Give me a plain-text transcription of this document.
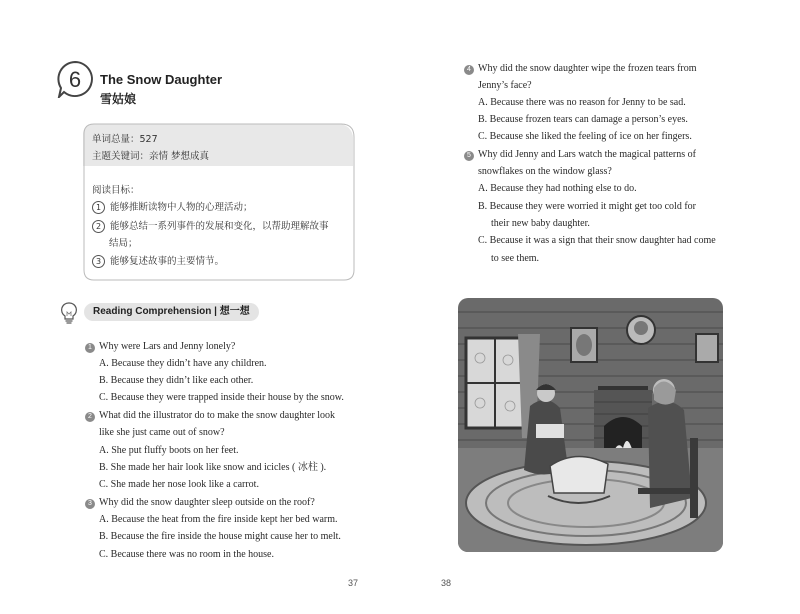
6 The Snow Daughter
雪姑娘
单词总量：527
主题关键词：亲情 梦想成真
阅读目标：
1 能够推断读物中人物的心理活动；
2 能够总结一系列事件的发展和变化，以帮助理解故事
结局；
3 能够复述故事的主要情节。
Reading Comprehension | 想一想
1 Why were Lars and Jenny lonely?
A. Because they didn’t have any children.
B. Because they didn’t like each other.
C. Because they were trapped inside their house by the snow.
2 What did the illustrator do to make the snow daughter look
like she just came out of snow?
A. She put fluffy boots on her feet.
B. She made her hair look like snow and icicles ( 冰柱 ).
C. She made her nose look like a carrot.
3 Why did the snow daughter sleep outside on the roof?
A. Because the heat from the fire inside kept her bed warm.
B. Because the fire inside the house might cause her to melt.
C. Because there was no room in the house.
4 Why did the snow daughter wipe the frozen tears from
Jenny’s face?
A. Because there was no reason for Jenny to be sad.
B. Because frozen tears can damage a person’s eyes.
C. Because she liked the feeling of ice on her fingers.
5 Why did Jenny and Lars watch the magical patterns of
snowflakes on the window glass?
A. Because they had nothing else to do.
B. Because they were worried it might get too cold for
their new baby daughter.
C. Because it was a sign that their snow daughter had come
to see them.
37	38
